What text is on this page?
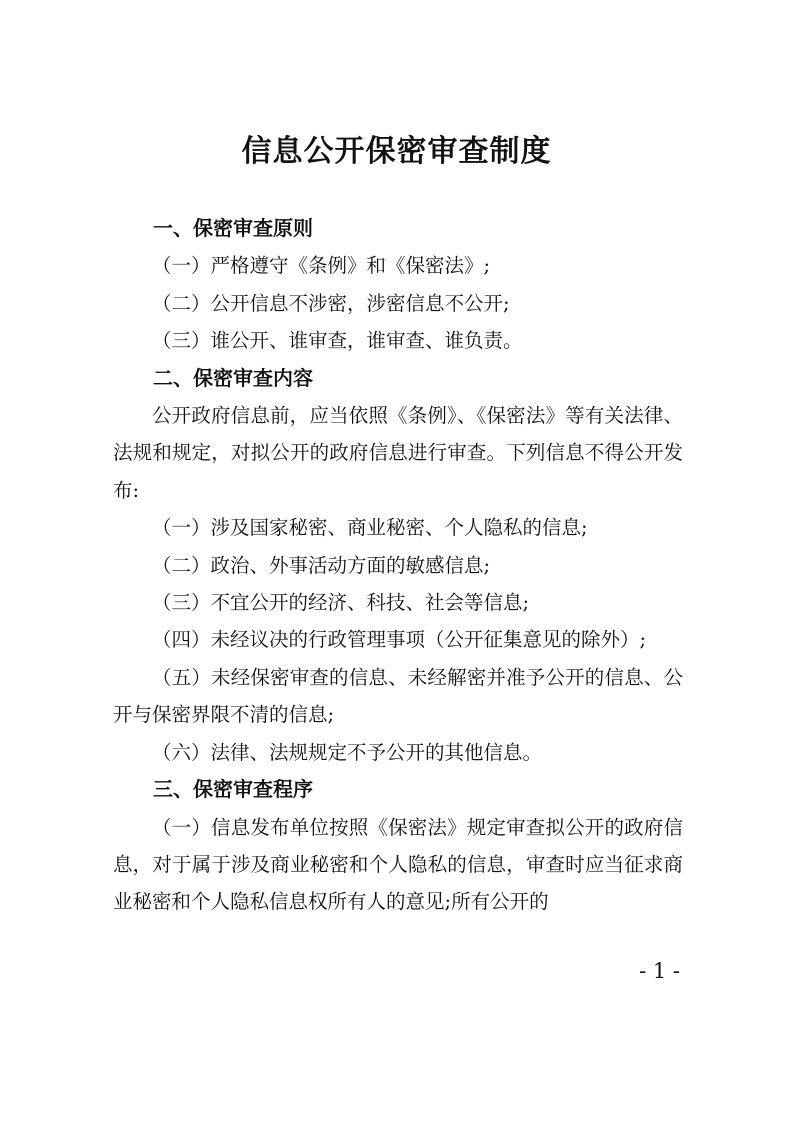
信息公开保密审查制度

一、保密审查原则

（一）严格遵守《条例》和《保密法》;

（二）公开信息不涉密，涉密信息不公开;

（三）谁公开、谁审查，谁审查、谁负责。

二、保密审查内容

公开政府信息前，应当依照《条例》、《保密法》等有关法律、法规和规定，对拟公开的政府信息进行审查。下列信息不得公开发布:

（一）涉及国家秘密、商业秘密、个人隐私的信息;

（二）政治、外事活动方面的敏感信息;

（三）不宜公开的经济、科技、社会等信息;

（四）未经议决的行政管理事项（公开征集意见的除外）;

（五）未经保密审查的信息、未经解密并准予公开的信息、公开与保密界限不清的信息;

（六）法律、法规规定不予公开的其他信息。

三、保密审查程序

（一）信息发布单位按照《保密法》规定审查拟公开的政府信息，对于属于涉及商业秘密和个人隐私的信息，审查时应当征求商业秘密和个人隐私信息权所有人的意见;所有公开的

- 1 -
